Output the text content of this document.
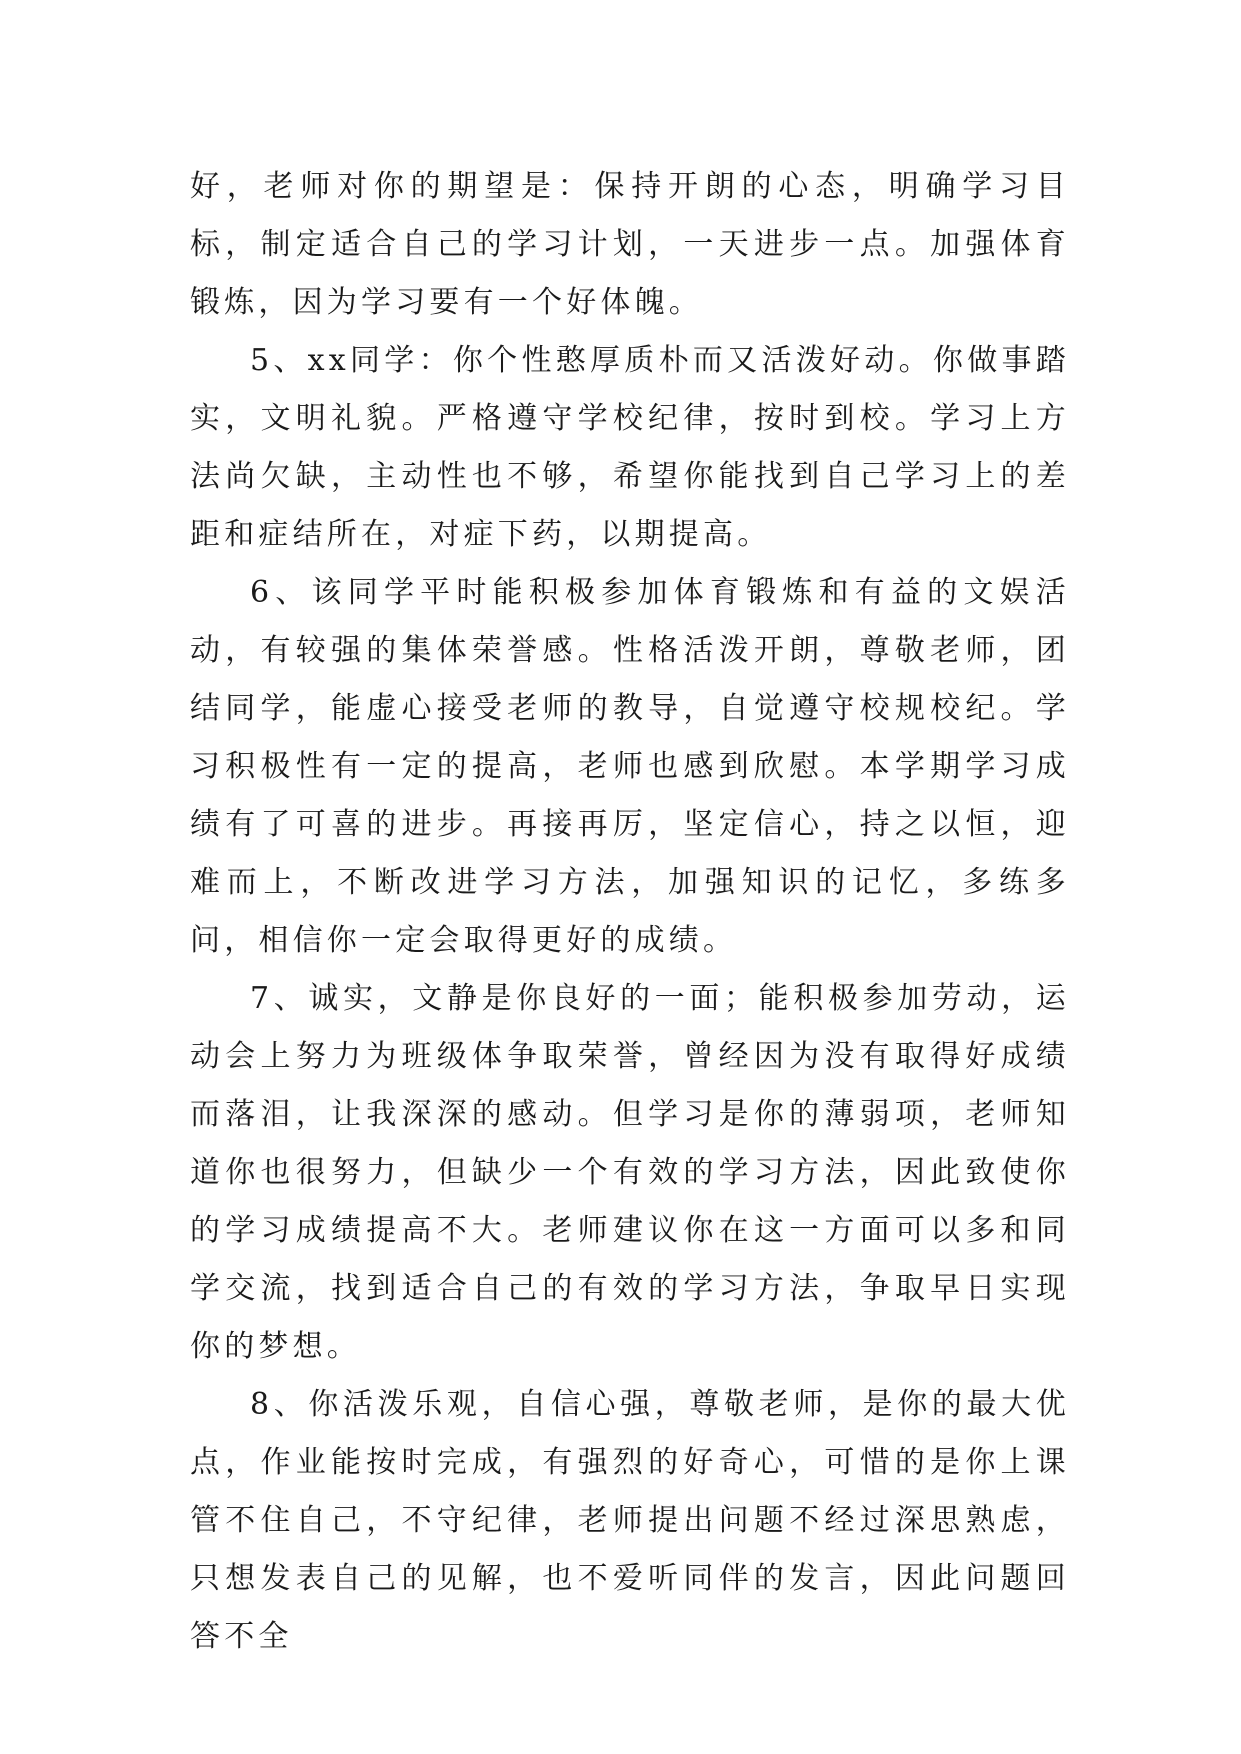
好，老师对你的期望是：保持开朗的心态，明确学习目标，制定适合自己的学习计划，一天进步一点。加强体育锻炼，因为学习要有一个好体魄。

5、xx同学：你个性憨厚质朴而又活泼好动。你做事踏实，文明礼貌。严格遵守学校纪律，按时到校。学习上方法尚欠缺，主动性也不够，希望你能找到自己学习上的差距和症结所在，对症下药，以期提高。

6、该同学平时能积极参加体育锻炼和有益的文娱活动，有较强的集体荣誉感。性格活泼开朗，尊敬老师，团结同学，能虚心接受老师的教导，自觉遵守校规校纪。学习积极性有一定的提高，老师也感到欣慰。本学期学习成绩有了可喜的进步。再接再厉，坚定信心，持之以恒，迎难而上，不断改进学习方法，加强知识的记忆，多练多问，相信你一定会取得更好的成绩。

7、诚实，文静是你良好的一面；能积极参加劳动，运动会上努力为班级体争取荣誉，曾经因为没有取得好成绩而落泪，让我深深的感动。但学习是你的薄弱项，老师知道你也很努力，但缺少一个有效的学习方法，因此致使你的学习成绩提高不大。老师建议你在这一方面可以多和同学交流，找到适合自己的有效的学习方法，争取早日实现你的梦想。

8、你活泼乐观，自信心强，尊敬老师，是你的最大优点，作业能按时完成，有强烈的好奇心，可惜的是你上课管不住自己，不守纪律，老师提出问题不经过深思熟虑，只想发表自己的见解，也不爱听同伴的发言，因此问题回答不全
